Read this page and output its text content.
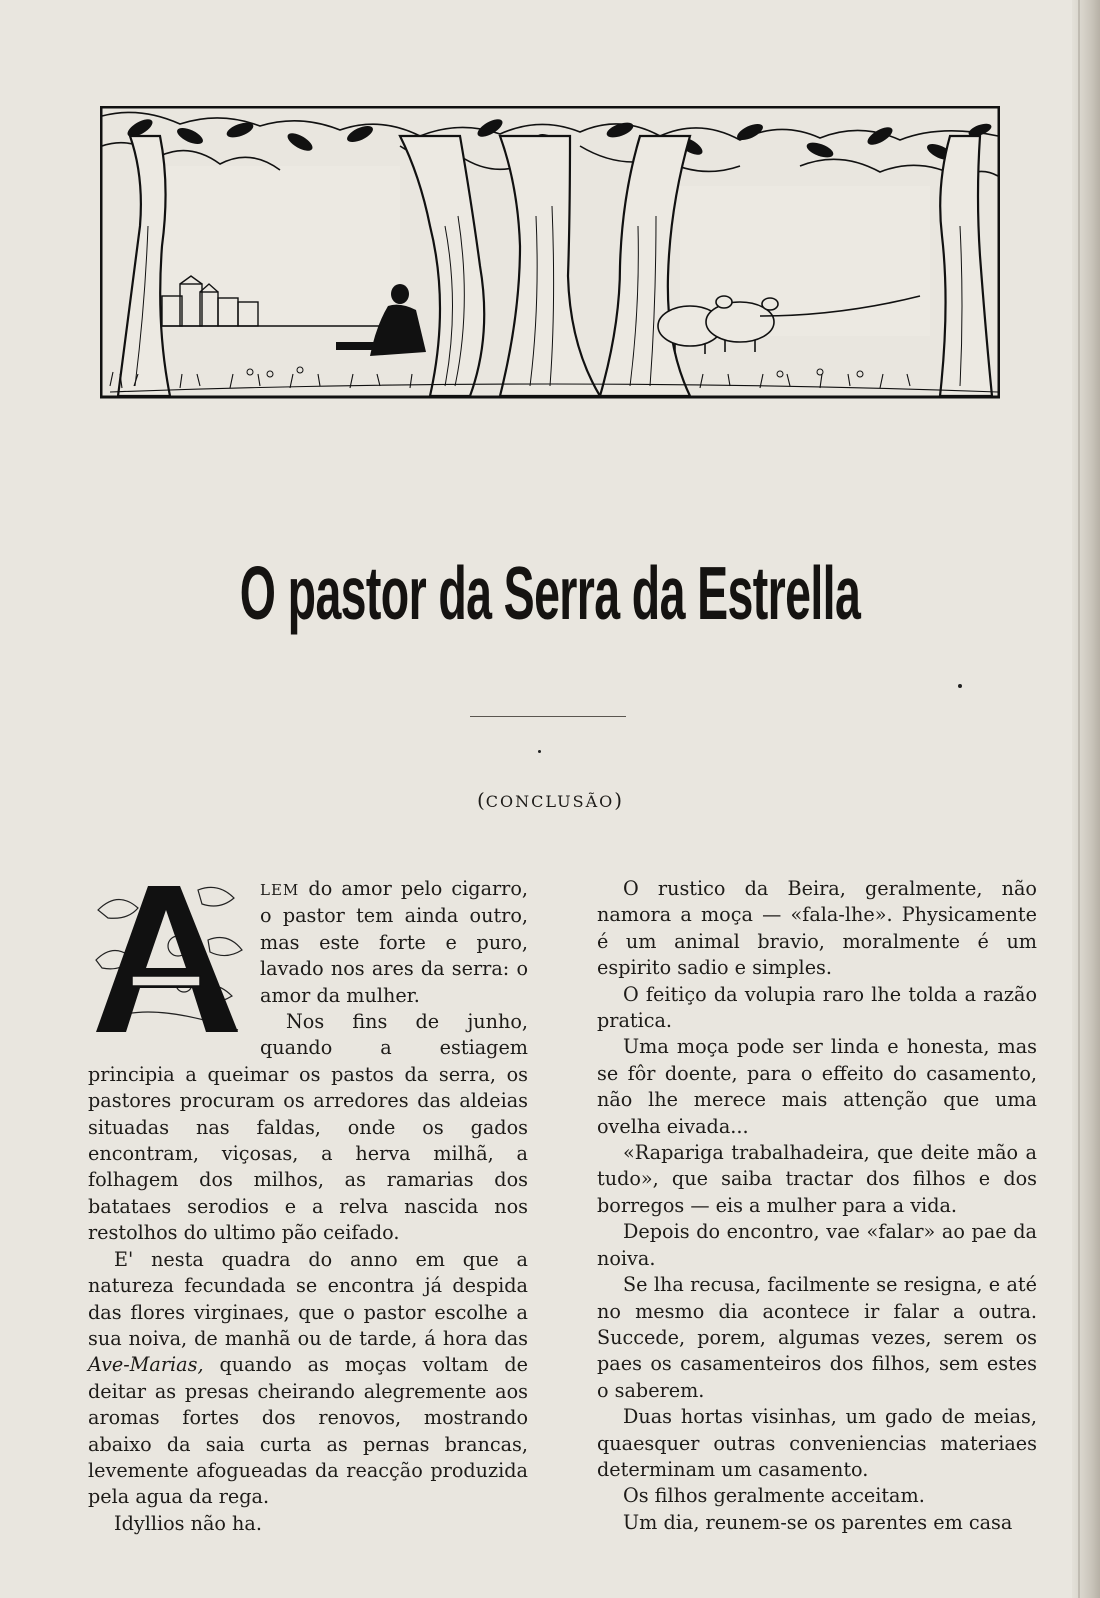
O pastor da Serra da Estrella
(CONCLUSÃO)

LEM do amor pelo cigarro, o pastor tem ainda outro, mas este forte e puro, lavado nos ares da serra: o amor da mulher.

Nos fins de junho, quando a estiagem principia a queimar os pastos da serra, os pastores procuram os arredores das aldeias situadas nas faldas, onde os gados encontram, viçosas, a herva milhã, a folhagem dos milhos, as ramarias dos batataes serodios e a relva nascida nos restolhos do ultimo pão ceifado.

E' nesta quadra do anno em que a natureza fecundada se encontra já despida das flores virginaes, que o pastor escolhe a sua noiva, de manhã ou de tarde, á hora das Ave-Marias, quando as moças voltam de deitar as presas cheirando alegremente aos aromas fortes dos renovos, mostrando abaixo da saia curta as pernas brancas, levemente afogueadas da reacção produzida pela agua da rega.

Idyllios não ha.

O rustico da Beira, geralmente, não namora a moça — «fala-lhe». Physicamente é um animal bravio, moralmente é um espirito sadio e simples.

O feitiço da volupia raro lhe tolda a razão pratica.

Uma moça pode ser linda e honesta, mas se fôr doente, para o effeito do casamento, não lhe merece mais attenção que uma ovelha eivada...

«Rapariga trabalhadeira, que deite mão a tudo», que saiba tractar dos filhos e dos borregos — eis a mulher para a vida.

Depois do encontro, vae «falar» ao pae da noiva.

Se lha recusa, facilmente se resigna, e até no mesmo dia acontece ir falar a outra. Succede, porem, algumas vezes, serem os paes os casamenteiros dos filhos, sem estes o saberem.

Duas hortas visinhas, um gado de meias, quaesquer outras conveniencias materiaes determinam um casamento.

Os filhos geralmente acceitam.

Um dia, reunem-se os parentes em casa
